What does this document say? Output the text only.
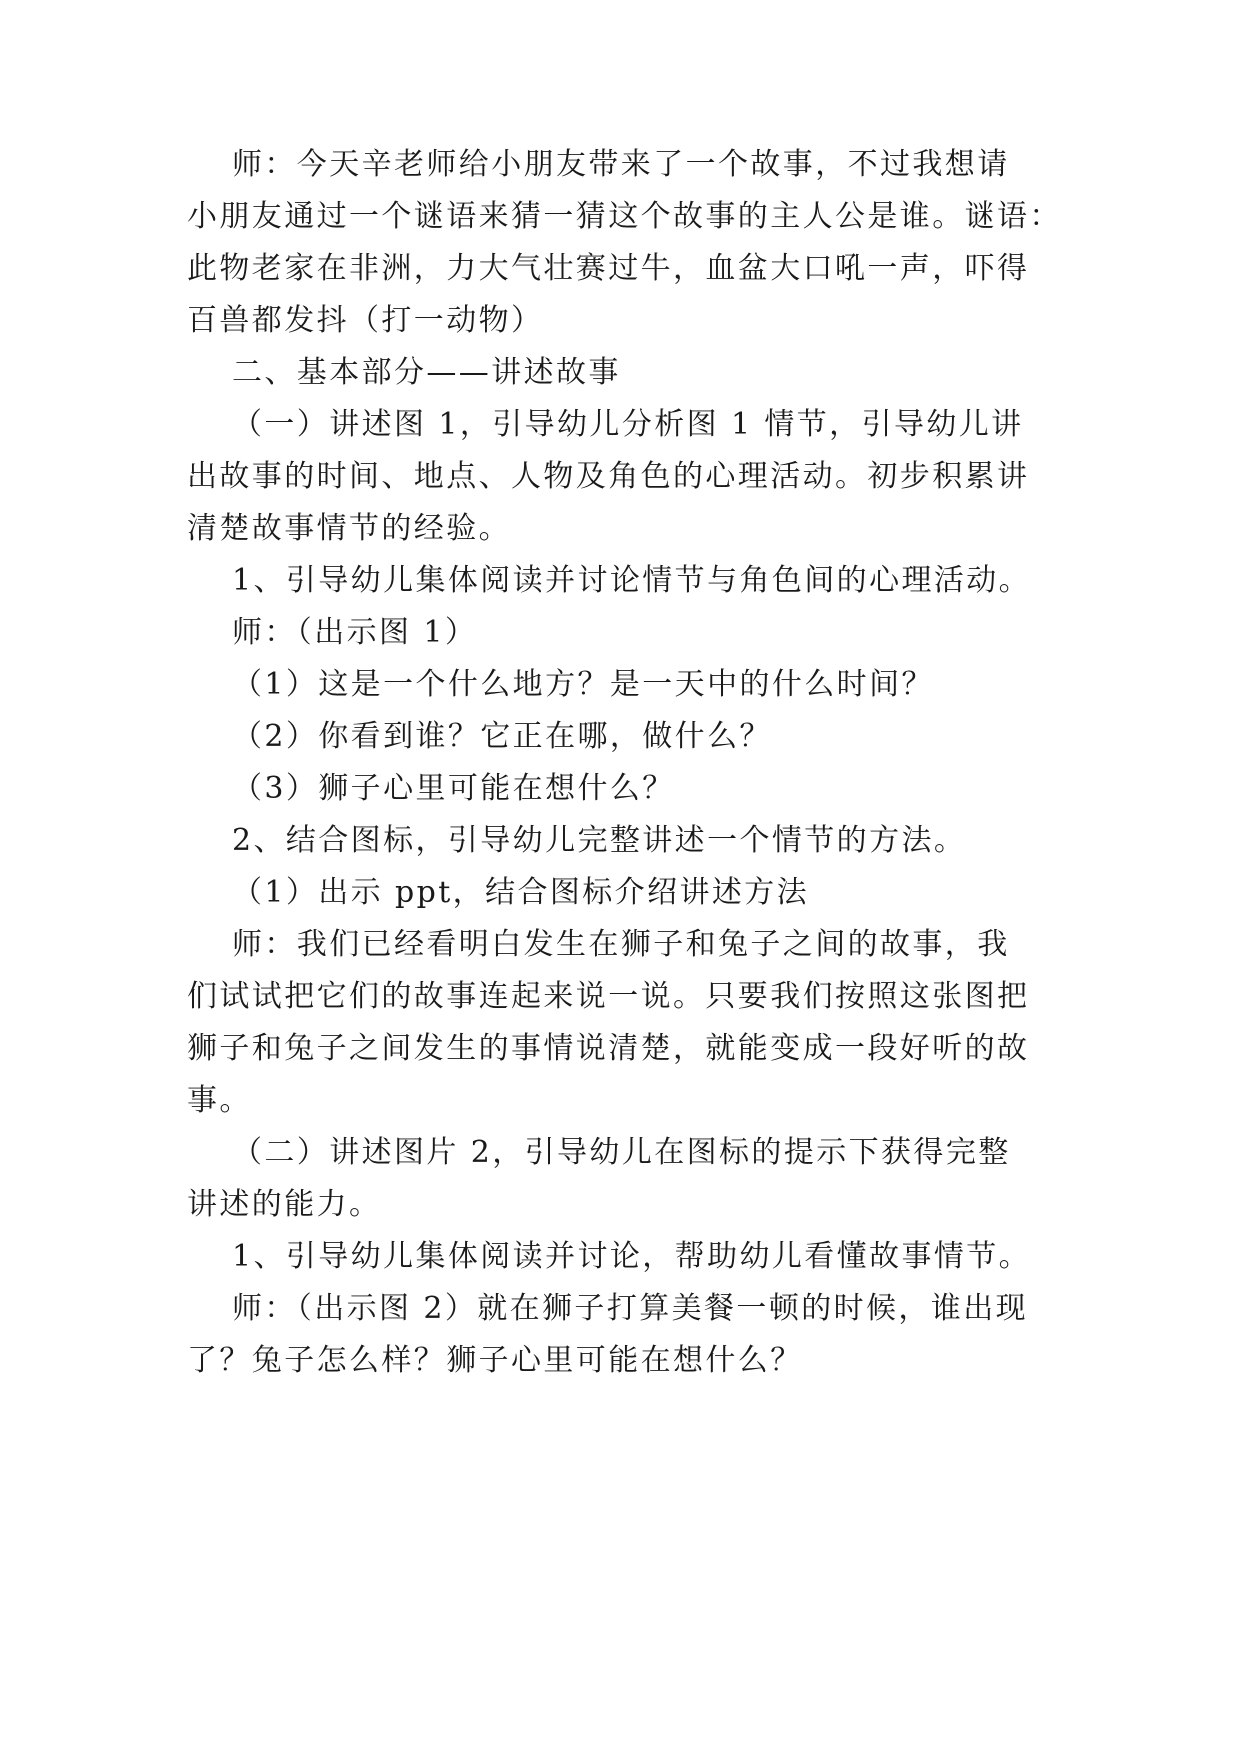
师：今天辛老师给小朋友带来了一个故事，不过我想请

小朋友通过一个谜语来猜一猜这个故事的主人公是谁。谜语：

此物老家在非洲，力大气壮赛过牛，血盆大口吼一声，吓得

百兽都发抖（打一动物）

二、基本部分——讲述故事

（一）讲述图 1，引导幼儿分析图 1 情节，引导幼儿讲

出故事的时间、地点、人物及角色的心理活动。初步积累讲

清楚故事情节的经验。

1、引导幼儿集体阅读并讨论情节与角色间的心理活动。

师：（出示图 1）

（1）这是一个什么地方？是一天中的什么时间？

（2）你看到谁？它正在哪，做什么？

（3）狮子心里可能在想什么？

2、结合图标，引导幼儿完整讲述一个情节的方法。

（1）出示 ppt，结合图标介绍讲述方法

师：我们已经看明白发生在狮子和兔子之间的故事，我

们试试把它们的故事连起来说一说。只要我们按照这张图把

狮子和兔子之间发生的事情说清楚，就能变成一段好听的故

事。

（二）讲述图片 2，引导幼儿在图标的提示下获得完整

讲述的能力。

1、引导幼儿集体阅读并讨论，帮助幼儿看懂故事情节。

师：（出示图 2）就在狮子打算美餐一顿的时候，谁出现

了？兔子怎么样？狮子心里可能在想什么？
